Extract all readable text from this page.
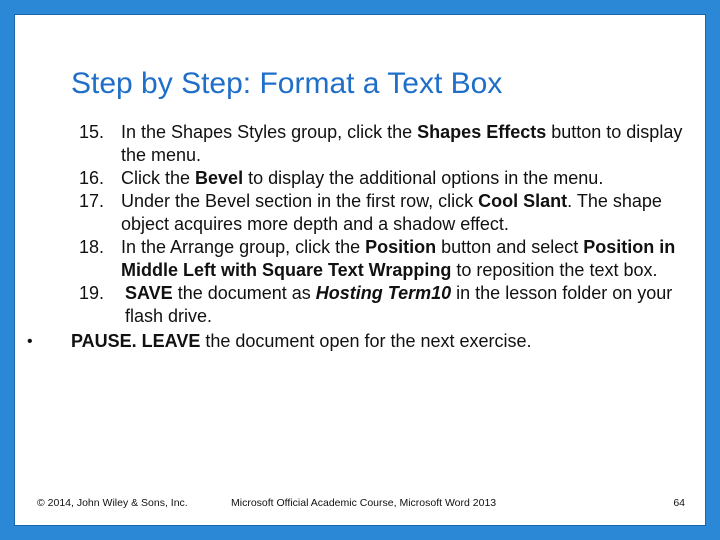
Step by Step: Format a Text Box
15. In the Shapes Styles group, click the Shapes Effects button to display the menu.
16. Click the Bevel to display the additional options in the menu.
17. Under the Bevel section in the first row, click Cool Slant. The shape object acquires more depth and a shadow effect.
18. In the Arrange group, click the Position button and select Position in Middle Left with Square Text Wrapping to reposition the text box.
19. SAVE the document as Hosting Term10 in the lesson folder on your flash drive.
• PAUSE. LEAVE the document open for the next exercise.
© 2014, John Wiley & Sons, Inc.	Microsoft Official Academic Course, Microsoft Word 2013	64
